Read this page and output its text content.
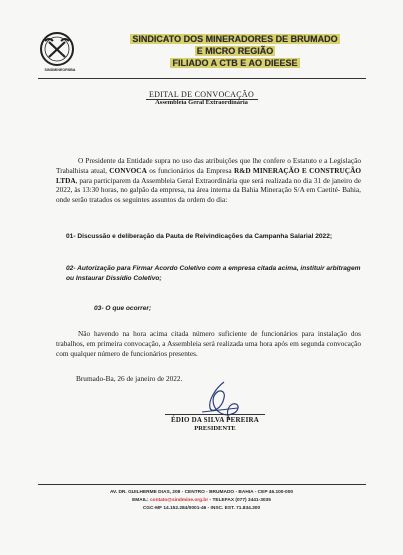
SINDMINEORSBA
SINDICATO DOS MINERADORES DE BRUMADO
E MICRO REGIÃO
FILIADO A CTB E AO DIEESE
EDITAL DE CONVOCAÇÃO
Assembleia Geral Extraordinária
O Presidente da Entidade supra no uso das atribuições que lhe confere o Estatuto e a Legislação Trabalhista atual, CONVOCA os funcionários da Empresa R&D MINERAÇÃO E CONSTRUÇÃO LTDA, para participarem da Assembleia Geral Extraordinária que será realizada no dia 31 de janeiro de 2022, às 13:30 horas, no galpão da empresa, na área interna da Bahia Mineração S/A em Caetité- Bahia, onde serão tratados os seguintes assuntos da ordem do dia:
01- Discussão e deliberação da Pauta de Reivindicações da Campanha Salarial 2022;
02- Autorização para Firmar Acordo Coletivo com a empresa citada acima, instituir arbitragem ou Instaurar Dissídio Coletivo;
03- O que ocorrer;
Não havendo na hora acima citada número suficiente de funcionários para instalação dos trabalhos, em primeira convocação, a Assembleia será realizada uma hora após em segunda convocação com qualquer número de funcionários presentes.
Brumado-Ba, 26 de janeiro de 2022.
ÉDIO DA SILVA PEREIRA
PRESIDENTE
AV. DR. GUILHERME DIAS, 208 - CENTRO - BRUMADO - BAHIA - CEP 46.100-000
EMAIL: contato@sindmine.org.br - TELEFAX (077) 3441-3035
CGC-MF 14.152.284/0001-46 - INSC. EST. 71.834.300
